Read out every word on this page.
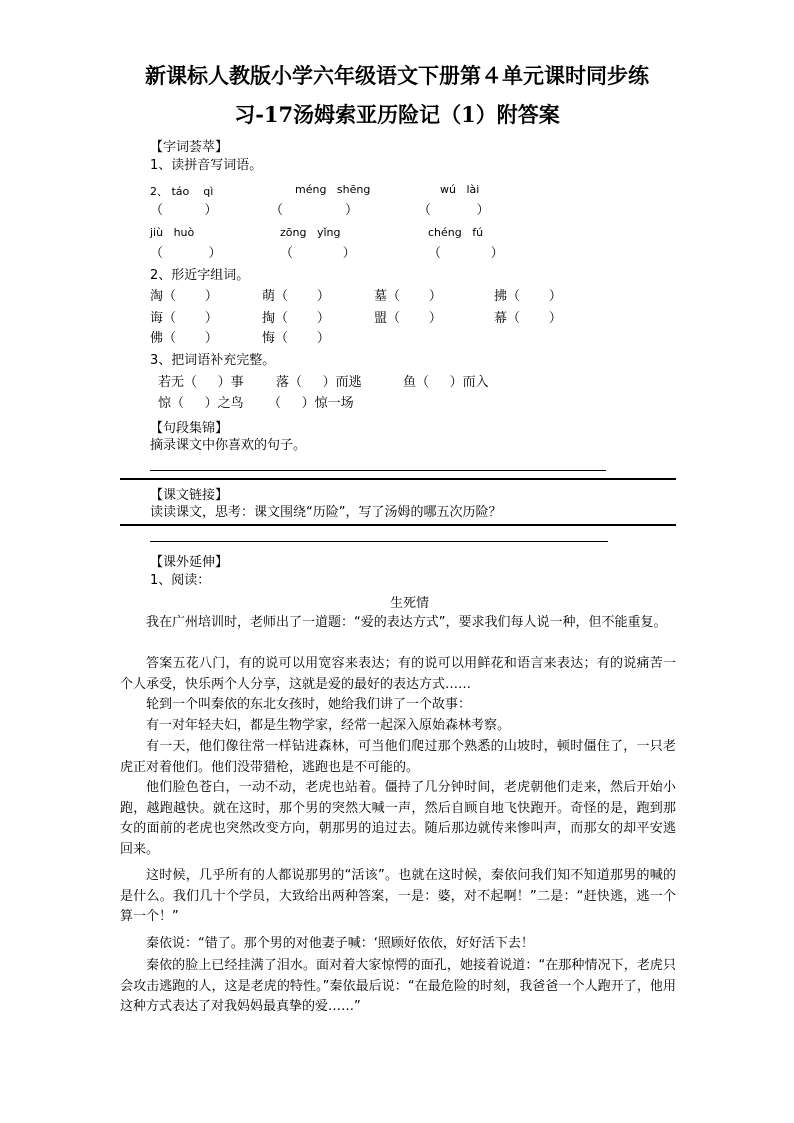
新课标人教版小学六年级语文下册第４单元课时同步练
习-17汤姆索亚历险记（1）附答案
【字词荟萃】
1、读拼音写词语。
2、 táo    qì	méng   shēng	wú   lài
（          ）	（               ）	（           ）
jiù   huò	zōng   yǐng	chéng   fú
（           ）	（            ）	（            ）
2、形近字组词。
淘（       ）	萌（       ）	墓（       ）	拂（       ）
诲（       ）	掏（       ）	盟（       ）	幕（       ）
佛（       ）	悔（       ）
3、把词语补充完整。
若无（     ）事 落（     ）而逃	鱼（     ）而入
惊（     ）之鸟 （     ）惊一场
【句段集锦】
摘录课文中你喜欢的句子。
【课文链接】
读读课文，思考：课文围绕“历险”，写了汤姆的哪五次历险？
【课外延伸】
1、阅读：
生死情
我在广州培训时，老师出了一道题：“爱的表达方式”，要求我们每人说一种，但不能重复。
答案五花八门，有的说可以用宽容来表达；有的说可以用鲜花和语言来表达；有的说痛苦一个人承受，快乐两个人分享，这就是爱的最好的表达方式……
轮到一个叫秦依的东北女孩时，她给我们讲了一个故事：
有一对年轻夫妇，都是生物学家，经常一起深入原始森林考察。
有一天，他们像往常一样钻进森林，可当他们爬过那个熟悉的山坡时，顿时僵住了，一只老虎正对着他们。他们没带猎枪，逃跑也是不可能的。
他们脸色苍白，一动不动，老虎也站着。僵持了几分钟时间，老虎朝他们走来，然后开始小跑，越跑越快。就在这时，那个男的突然大喊一声，然后自顾自地飞快跑开。奇怪的是，跑到那女的面前的老虎也突然改变方向，朝那男的追过去。随后那边就传来惨叫声，而那女的却平安逃回来。
这时候，几乎所有的人都说那男的“活该”。也就在这时候，秦依问我们知不知道那男的喊的是什么。我们几十个学员，大致给出两种答案，一是：婆，对不起啊！”二是：“赶快逃，逃一个算一个！”
秦依说：“错了。那个男的对他妻子喊：‘照顾好依依，好好活下去！
秦依的脸上已经挂满了泪水。面对着大家惊愕的面孔，她接着说道：“在那种情况下，老虎只会攻击逃跑的人，这是老虎的特性。”秦依最后说：“在最危险的时刻，我爸爸一个人跑开了，他用这种方式表达了对我妈妈最真挚的爱……”
